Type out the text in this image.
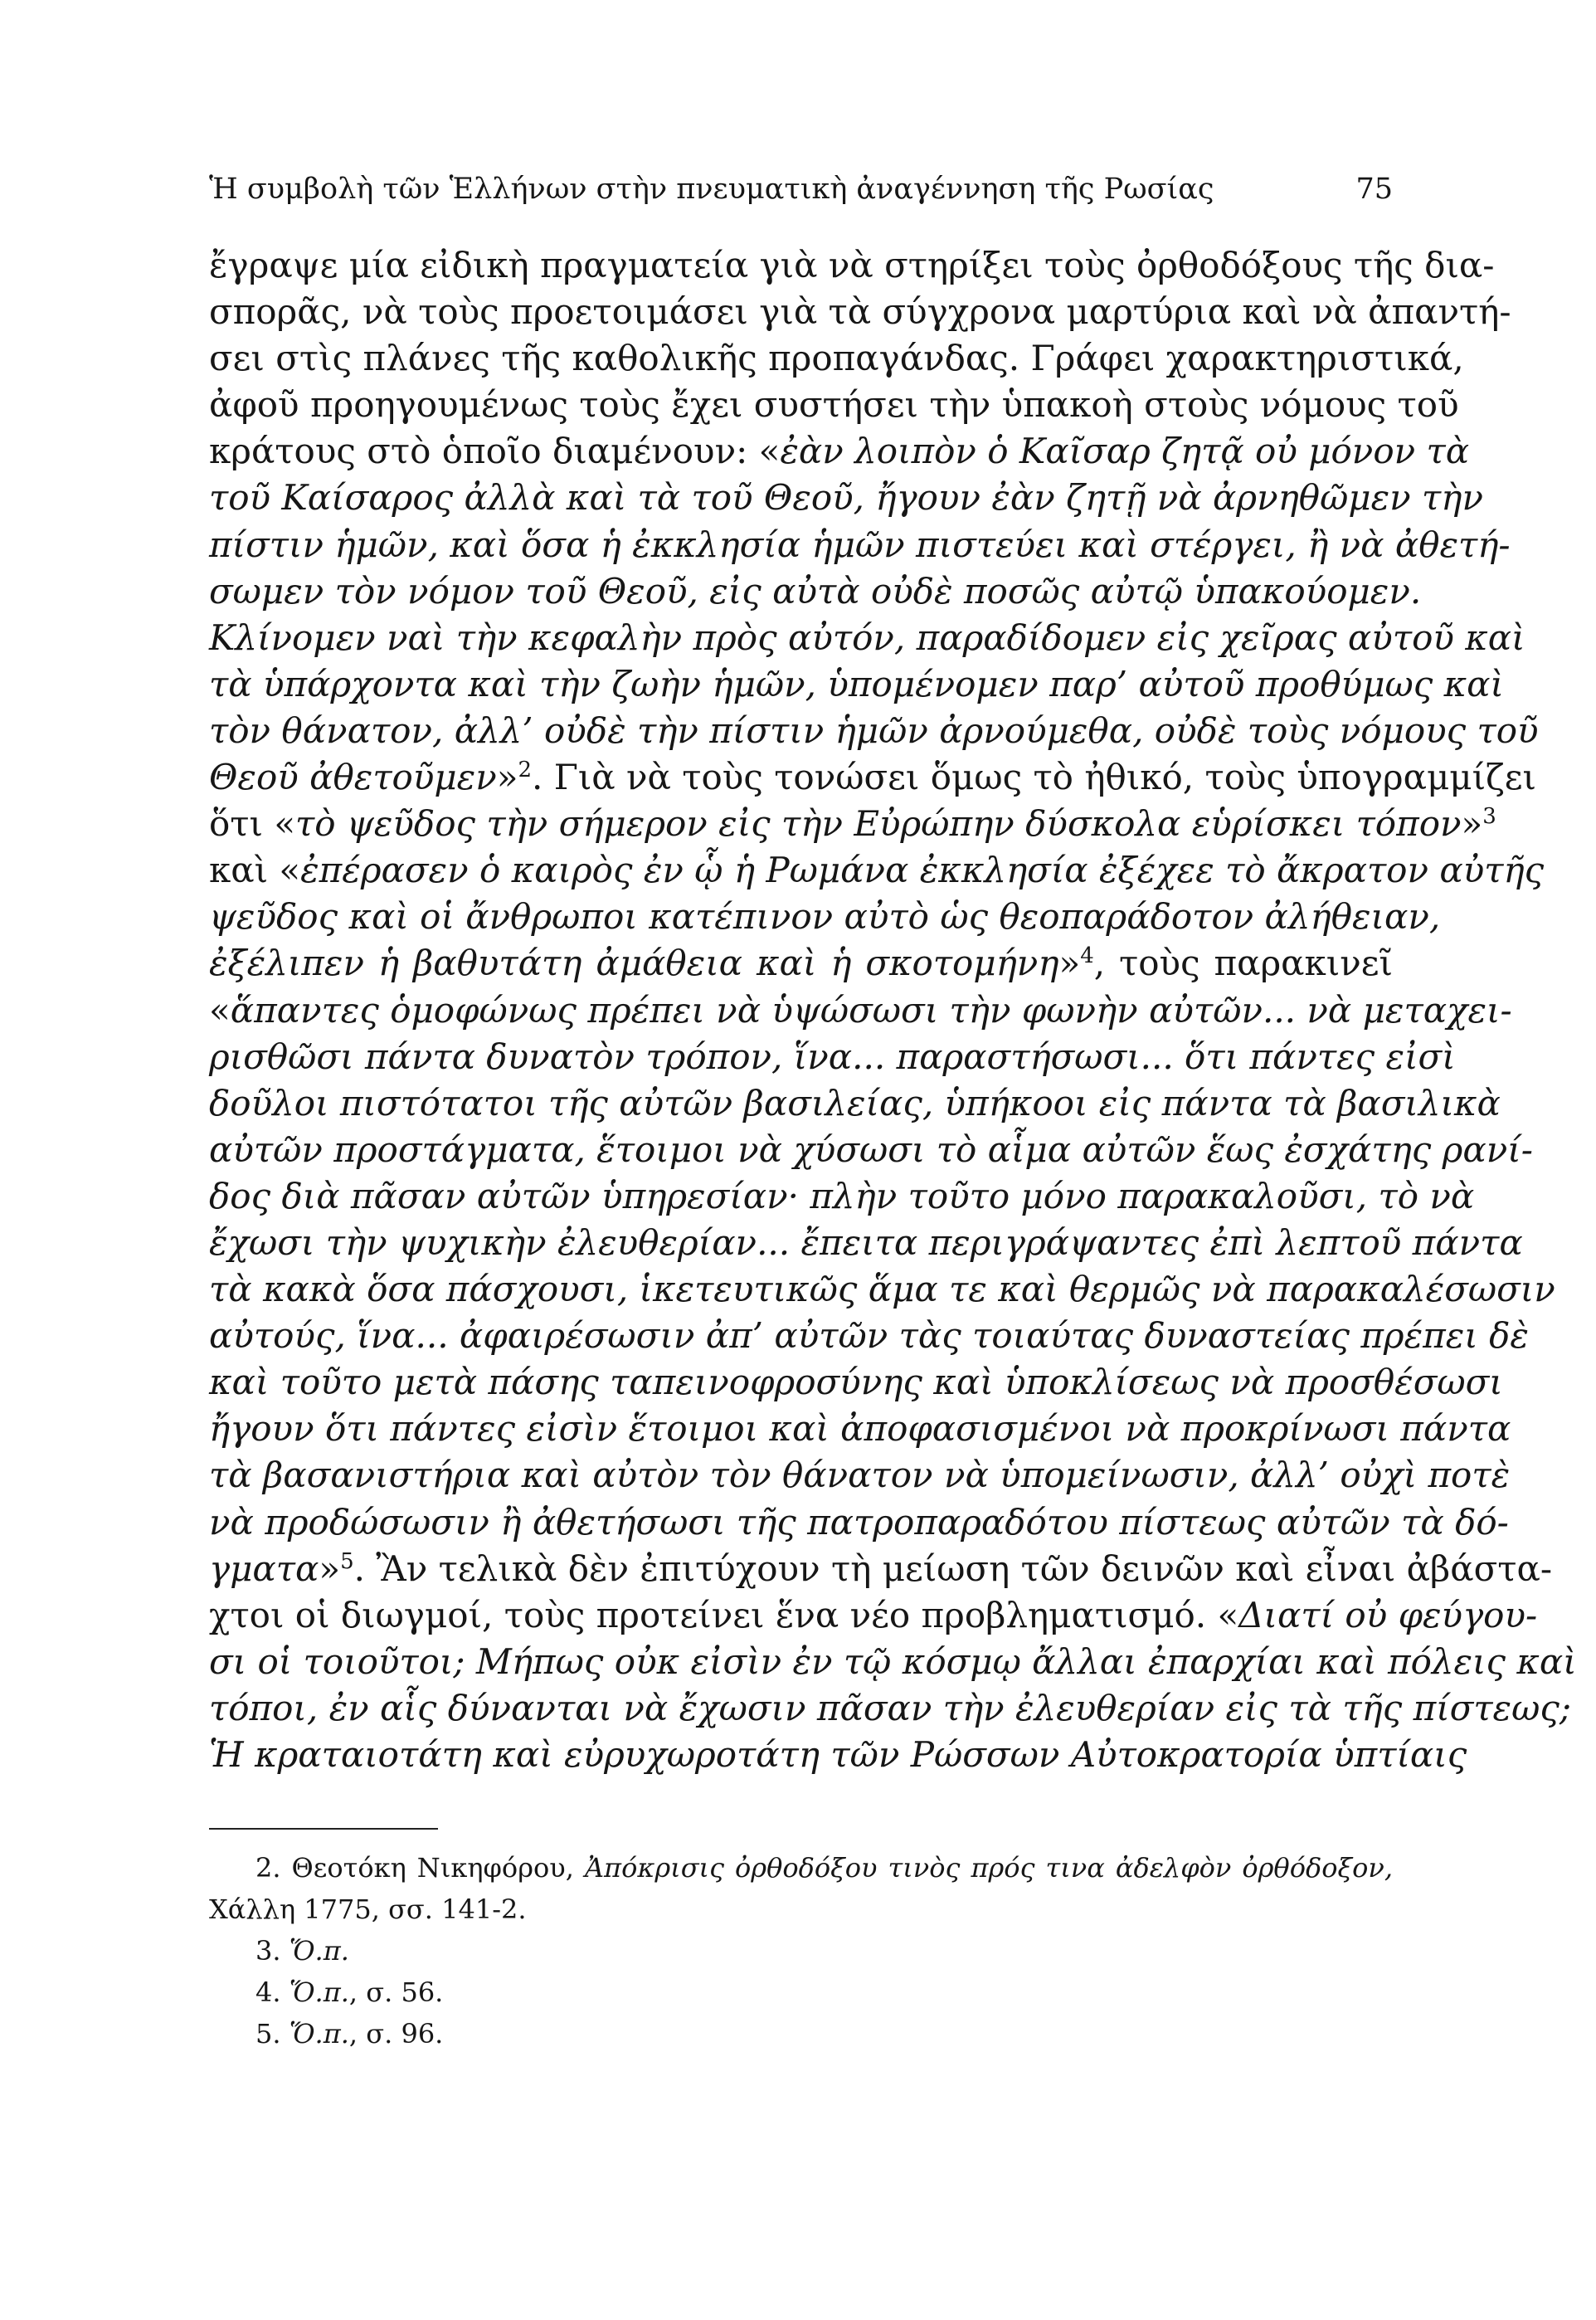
Ἡ συμβολὴ τῶν Ἑλλήνων στὴν πνευματικὴ ἀναγέννηση τῆς Ρωσίας	75
ἔγραψε μία εἰδικὴ πραγματεία γιὰ νὰ στηρίξει τοὺς ὀρθοδόξους τῆς δια-
σπορᾶς, νὰ τοὺς προετοιμάσει γιὰ τὰ σύγχρονα μαρτύρια καὶ νὰ ἀπαντή-
σει στὶς πλάνες τῆς καθολικῆς προπαγάνδας. Γράφει χαρακτηριστικά,
ἀφοῦ προηγουμένως τοὺς ἔχει συστήσει τὴν ὑπακοὴ στοὺς νόμους τοῦ
κράτους στὸ ὁποῖο διαμένουν: «ἐὰν λοιπὸν ὁ Καῖσαρ ζητᾷ οὐ μόνον τὰ
τοῦ Καίσαρος ἀλλὰ καὶ τὰ τοῦ Θεοῦ, ἤγουν ἐὰν ζητῇ νὰ ἀρνηθῶμεν τὴν
πίστιν ἡμῶν, καὶ ὅσα ἡ ἐκκλησία ἡμῶν πιστεύει καὶ στέργει, ἢ νὰ ἀθετή-
σωμεν τὸν νόμον τοῦ Θεοῦ, εἰς αὐτὰ οὐδὲ ποσῶς αὐτῷ ὑπακούομεν.
Κλίνομεν ναὶ τὴν κεφαλὴν πρὸς αὐτόν, παραδίδομεν εἰς χεῖρας αὐτοῦ καὶ
τὰ ὑπάρχοντα καὶ τὴν ζωὴν ἡμῶν, ὑπομένομεν παρ’ αὐτοῦ προθύμως καὶ
τὸν θάνατον, ἀλλ’ οὐδὲ τὴν πίστιν ἡμῶν ἀρνούμεθα, οὐδὲ τοὺς νόμους τοῦ
Θεοῦ ἀθετοῦμεν»$^2$. Γιὰ νὰ τοὺς τονώσει ὅμως τὸ ἠθικό, τοὺς ὑπογραμμίζει
ὅτι «τὸ ψεῦδος τὴν σήμερον εἰς τὴν Εὐρώπην δύσκολα εὑρίσκει τόπον»$^3$
καὶ «ἐπέρασεν ὁ καιρὸς ἐν ᾧ ἡ Ρωμάνα ἐκκλησία ἐξέχεε τὸ ἄκρατον αὐτῆς
ψεῦδος καὶ οἱ ἄνθρωποι κατέπινον αὐτὸ ὡς θεοπαράδοτον ἀλήθειαν,
ἐξέλιπεν ἡ βαθυτάτη ἀμάθεια καὶ ἡ σκοτομήνη»$^4$, τοὺς παρακινεῖ
«ἅπαντες ὁμοφώνως πρέπει νὰ ὑψώσωσι τὴν φωνὴν αὐτῶν... νὰ μεταχει-
ρισθῶσι πάντα δυνατὸν τρόπον, ἵνα... παραστήσωσι... ὅτι πάντες εἰσὶ
δοῦλοι πιστότατοι τῆς αὐτῶν βασιλείας, ὑπήκοοι εἰς πάντα τὰ βασιλικὰ
αὐτῶν προστάγματα, ἕτοιμοι νὰ χύσωσι τὸ αἷμα αὐτῶν ἕως ἐσχάτης ρανί-
δος διὰ πᾶσαν αὐτῶν ὑπηρεσίαν· πλὴν τοῦτο μόνο παρακαλοῦσι, τὸ νὰ
ἔχωσι τὴν ψυχικὴν ἐλευθερίαν... ἔπειτα περιγράψαντες ἐπὶ λεπτοῦ πάντα
τὰ κακὰ ὅσα πάσχουσι, ἱκετευτικῶς ἅμα τε καὶ θερμῶς νὰ παρακαλέσωσιν
αὐτούς, ἵνα... ἀφαιρέσωσιν ἀπ’ αὐτῶν τὰς τοιαύτας δυναστείας πρέπει δὲ
καὶ τοῦτο μετὰ πάσης ταπεινοφροσύνης καὶ ὑποκλίσεως νὰ προσθέσωσι
ἤγουν ὅτι πάντες εἰσὶν ἕτοιμοι καὶ ἀποφασισμένοι νὰ προκρίνωσι πάντα
τὰ βασανιστήρια καὶ αὐτὸν τὸν θάνατον νὰ ὑπομείνωσιν, ἀλλ’ οὐχὶ ποτὲ
νὰ προδώσωσιν ἢ ἀθετήσωσι τῆς πατροπαραδότου πίστεως αὐτῶν τὰ δό-
γματα»$^5$. Ἂν τελικὰ δὲν ἐπιτύχουν τὴ μείωση τῶν δεινῶν καὶ εἶναι ἀβάστα-
χτοι οἱ διωγμοί, τοὺς προτείνει ἕνα νέο προβληματισμό. «Διατί οὐ φεύγου-
σι οἱ τοιοῦτοι; Μήπως οὐκ εἰσὶν ἐν τῷ κόσμῳ ἄλλαι ἐπαρχίαι καὶ πόλεις καὶ
τόποι, ἐν αἷς δύνανται νὰ ἔχωσιν πᾶσαν τὴν ἐλευθερίαν εἰς τὰ τῆς πίστεως;
Ἡ κραταιοτάτη καὶ εὐρυχωροτάτη τῶν Ρώσσων Αὐτοκρατορία ὑπτίαις
2. Θεοτόκη Νικηφόρου, Ἀπόκρισις ὀρθοδόξου τινὸς πρός τινα ἀδελφὸν ὀρθόδοξον,
Χάλλη 1775, σσ. 141-2.
3. Ὅ.π.
4. Ὅ.π., σ. 56.
5. Ὅ.π., σ. 96.
